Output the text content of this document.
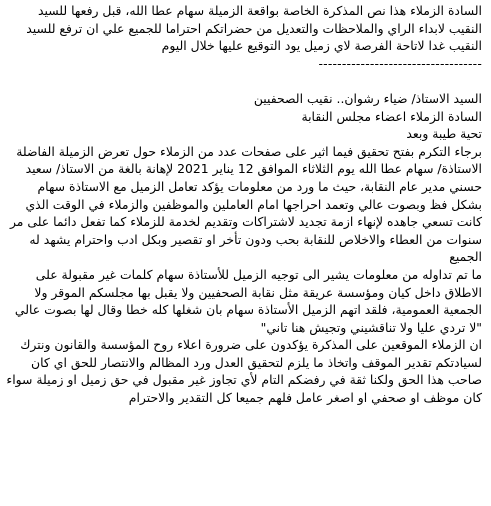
السادة الزملاء هذا نص المذكرة الخاصة بواقعة الزميلة سهام عطا الله، قبل رفعها للسيد النقيب لابداء الراي والملاحظات والتعديل من حضراتكم احتراما للجميع علي ان ترفع للسيد النقيب غدا لاتاحة الفرصة لاي زميل يود التوقيع عليها خلال اليوم

-----------------------------------

السيد الاستاذ/ ضياء رشوان.. نقيب الصحفيين

السادة الزملاء اعضاء مجلس النقابة

تحية طيبة وبعد

برجاء التكرم بفتح تحقيق فيما اثير على صفحات عدد من الزملاء حول تعرض الزميلة الفاضلة الاستاذة/ سهام عطا الله يوم الثلاثاء الموافق 12 يناير 2021 لإهانة بالغة من الاستاذ/ سعيد حسني مدير عام النقابة، حيث ما ورد من معلومات يؤكد تعامل الزميل مع الاستاذة سهام بشكل فظ وبصوت عالي وتعمد احراجها امام العاملين والموظفين والزملاء في الوقت الذي كانت تسعي جاهده لإنهاء ازمة تجديد لاشتراكات وتقديم لخدمة للزملاء كما تفعل دائما على مر سنوات من العطاء والاخلاص للنقابة بحب ودون تأخر او تقصير وبكل ادب واحترام يشهد له الجميع

ما تم تداوله من معلومات يشير الى توجيه الزميل للأستاذة سهام كلمات غير مقبولة على الاطلاق داخل كيان ومؤسسة عريقة مثل نقابة الصحفيين ولا يقبل بها مجلسكم الموقر ولا الجمعية العمومية، فلقد اتهم الزميل الأستاذة سهام بان شغلها كله خطا وقال لها بصوت عالي "لا تردي عليا ولا تناقشيني وتجيش هنا تاني"

ان الزملاء الموقعين على المذكرة يؤكدون على ضرورة اعلاء روح المؤسسة والقانون ونترك لسيادتكم تقدير الموقف واتخاذ ما يلزم لتحقيق العدل ورد المظالم والانتصار للحق اي كان صاحب هذا الحق ولكنا ثقة في رفضكم التام لأي تجاوز غير مقبول في حق زميل او زميلة سواء كان موظف او صحفي او اصغر عامل فلهم جميعا كل التقدير والاحترام
